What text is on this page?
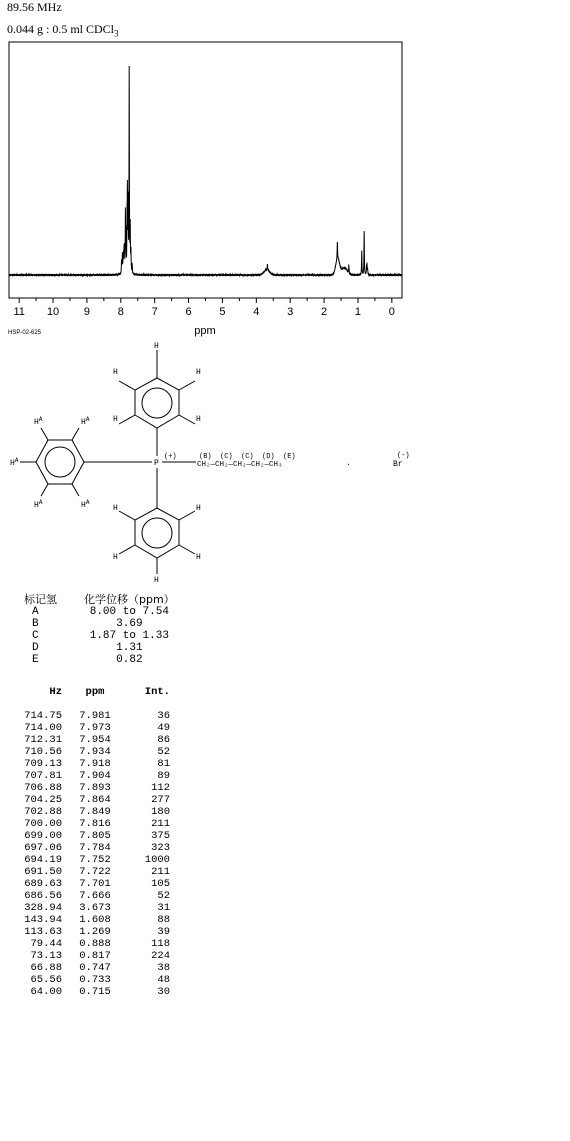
89.56 MHz
0.044 g : 0.5 ml CDCl$_3$
11 10 9	8	7	6	5	4	3	2	1	0
ppm
HSP-02-625
H
H
H
H
H
$H^A$	$H^A$
$H^A$
$H^A$	$H^A$
H
H
H
H
H
P
(+)	(B)  (C)  (C)  (D)  (E)
CH₂—CH₂—CH₂—CH₂—CH₃	.
(-)
Br
标记氢	化学位移（ppm）
A	8.00 to 7.54
B	3.69
C	1.87 to 1.33
D	1.31
E	0.82
Hz	ppm	Int.

714.75	7.981	36
714.00	7.973	49
712.31	7.954	86
710.56	7.934	52
709.13	7.918	81
707.81	7.904	89
706.88	7.893	112
704.25	7.864	277
702.88	7.849	180
700.00	7.816	211
699.00	7.805	375
697.06	7.784	323
694.19	7.752	1000
691.50	7.722	211
689.63	7.701	105
686.56	7.666	52
328.94	3.673	31
143.94	1.608	88
113.63	1.269	39
79.44	0.888	118
73.13	0.817	224
66.88	0.747	38
65.56	0.733	48
64.00	0.715	30
